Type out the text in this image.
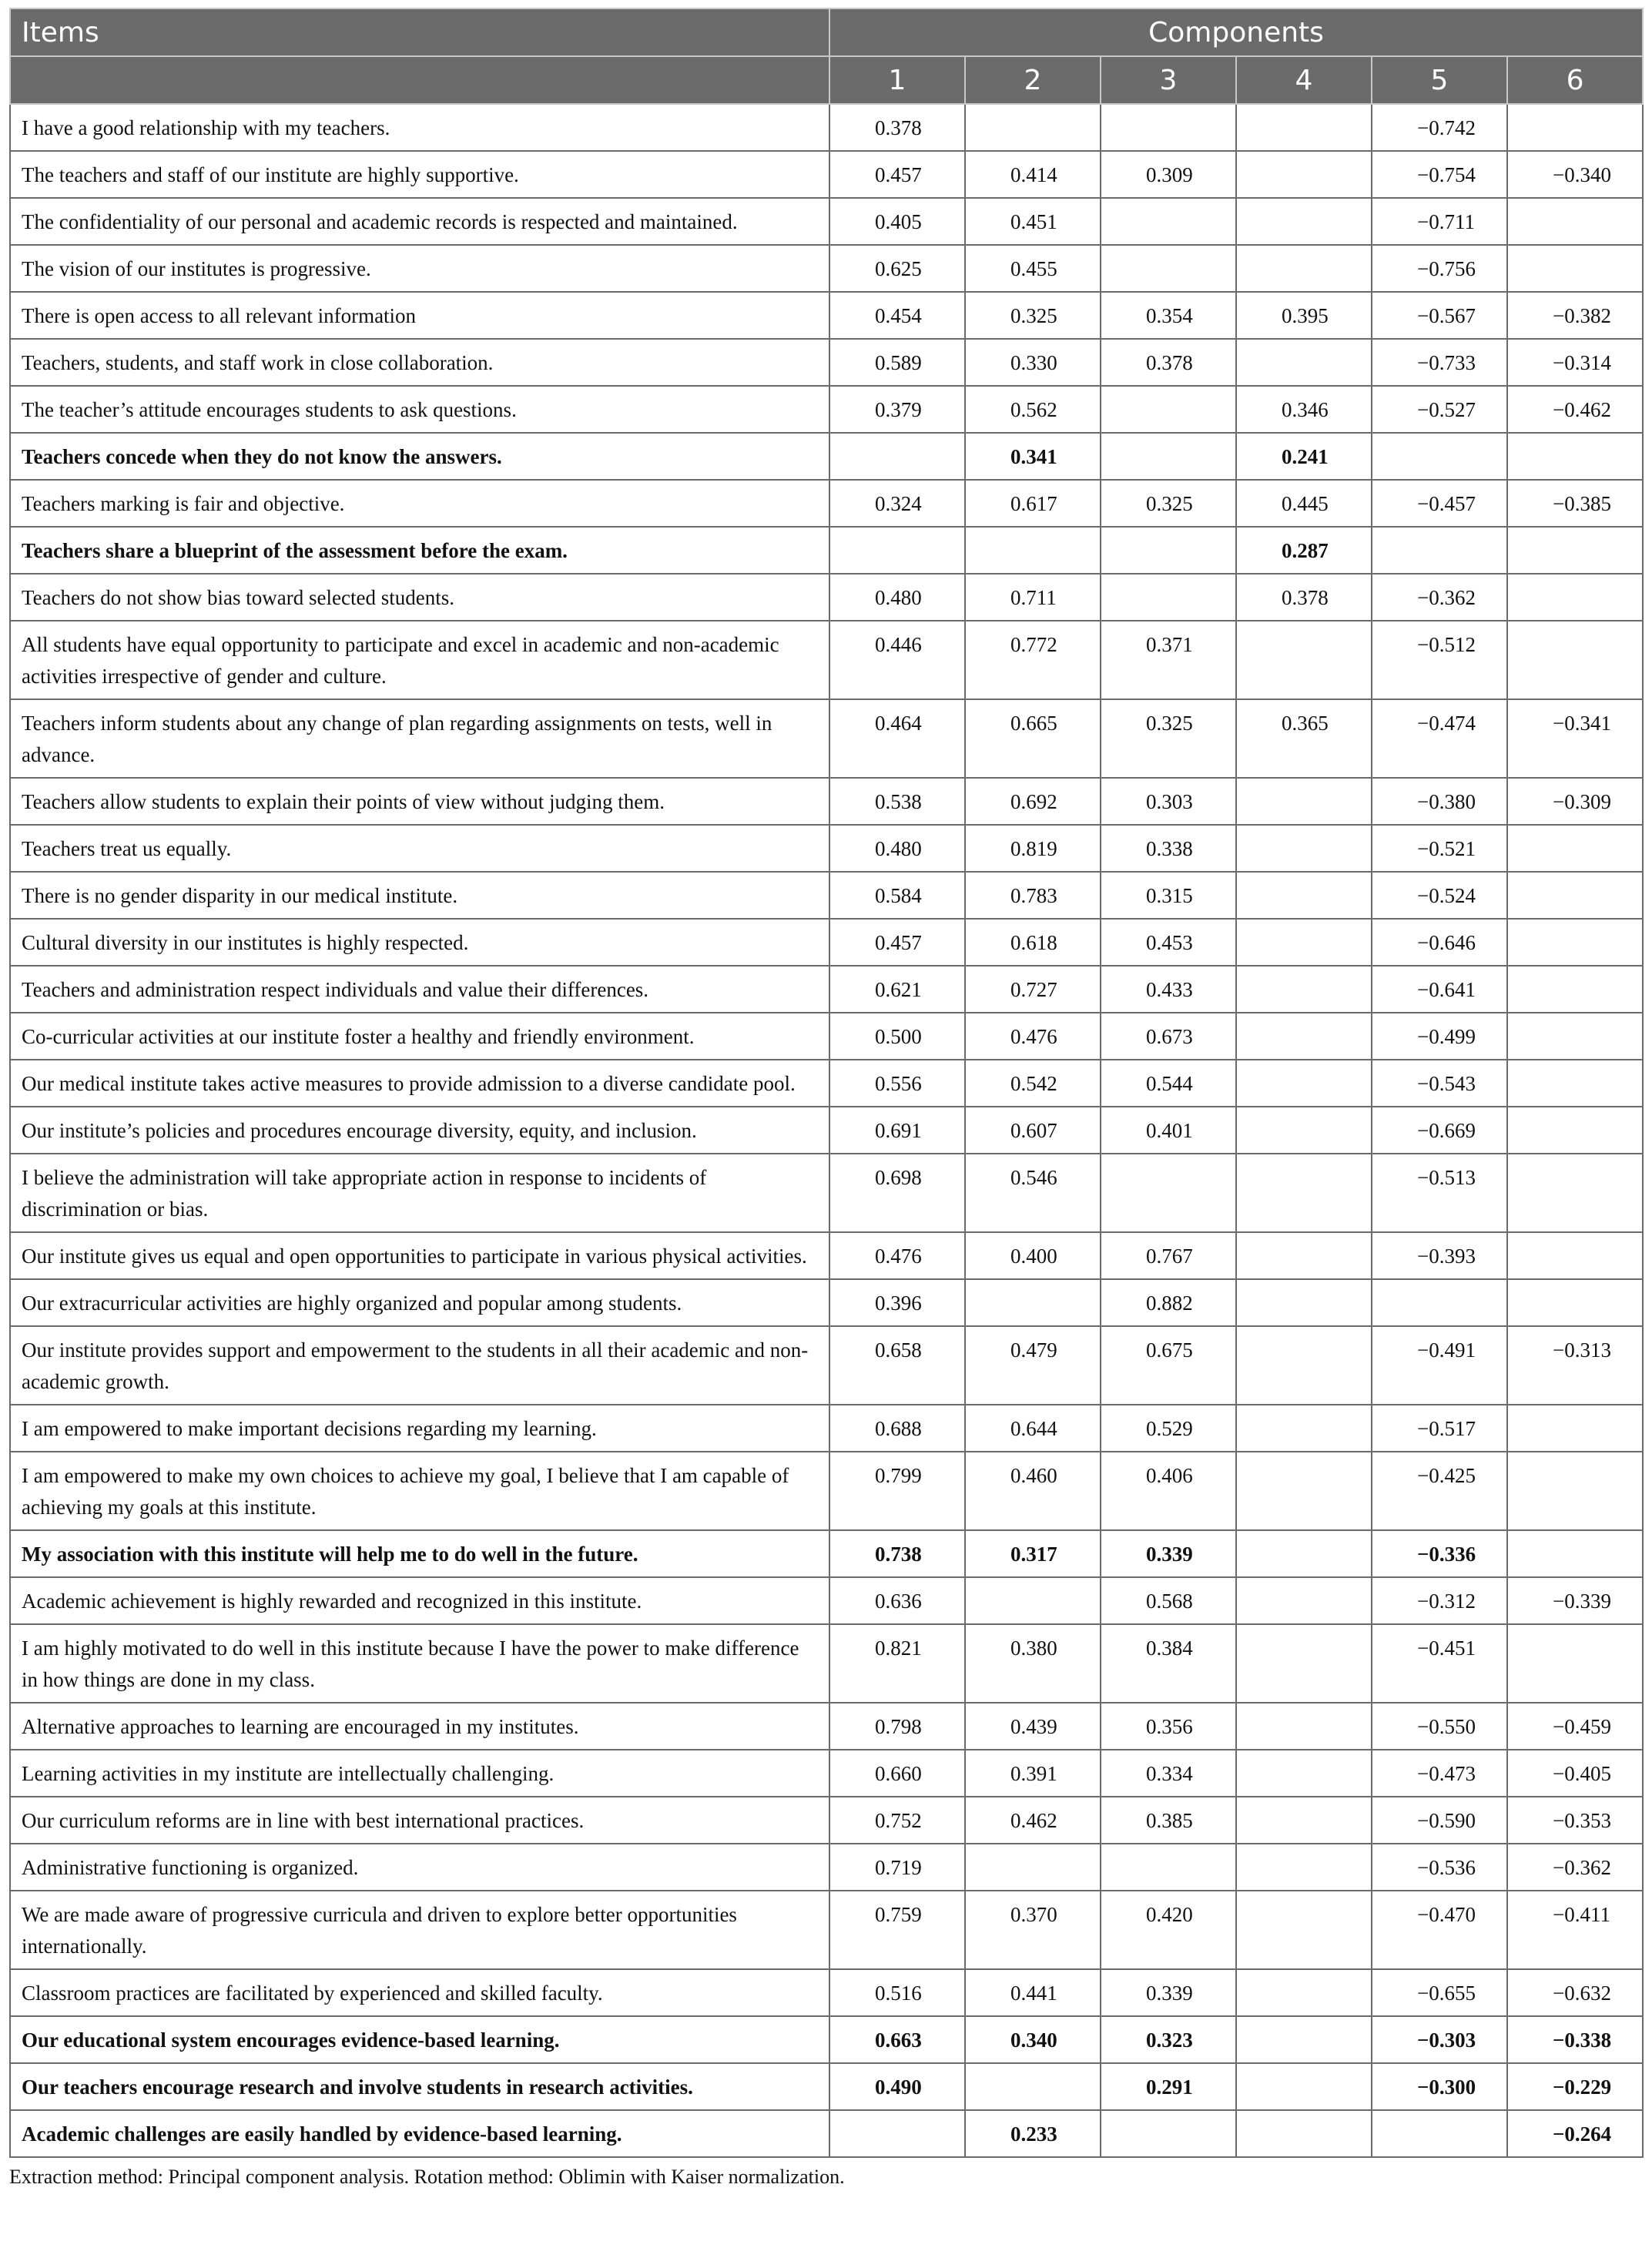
Items	Components					
	1	2	3	4	5	6
I have a good relationship with my teachers.	0.378				−0.742	
The teachers and staff of our institute are highly supportive.	0.457	0.414	0.309		−0.754	−0.340
The confidentiality of our personal and academic records is respected and maintained.	0.405	0.451			−0.711	
The vision of our institutes is progressive.	0.625	0.455			−0.756	
There is open access to all relevant information	0.454	0.325	0.354	0.395	−0.567	−0.382
Teachers, students, and staff work in close collaboration.	0.589	0.330	0.378		−0.733	−0.314
The teacher’s attitude encourages students to ask questions.	0.379	0.562		0.346	−0.527	−0.462
Teachers concede when they do not know the answers.		0.341		0.241		
Teachers marking is fair and objective.	0.324	0.617	0.325	0.445	−0.457	−0.385
Teachers share a blueprint of the assessment before the exam.				0.287		
Teachers do not show bias toward selected students.	0.480	0.711		0.378	−0.362	
All students have equal opportunity to participate and excel in academic and non-academic activities irrespective of gender and culture.	0.446	0.772	0.371		−0.512	
Teachers inform students about any change of plan regarding assignments on tests, well in advance.	0.464	0.665	0.325	0.365	−0.474	−0.341
Teachers allow students to explain their points of view without judging them.	0.538	0.692	0.303		−0.380	−0.309
Teachers treat us equally.	0.480	0.819	0.338		−0.521	
There is no gender disparity in our medical institute.	0.584	0.783	0.315		−0.524	
Cultural diversity in our institutes is highly respected.	0.457	0.618	0.453		−0.646	
Teachers and administration respect individuals and value their differences.	0.621	0.727	0.433		−0.641	
Co-curricular activities at our institute foster a healthy and friendly environment.	0.500	0.476	0.673		−0.499	
Our medical institute takes active measures to provide admission to a diverse candidate pool.	0.556	0.542	0.544		−0.543	
Our institute’s policies and procedures encourage diversity, equity, and inclusion.	0.691	0.607	0.401		−0.669	
I believe the administration will take appropriate action in response to incidents of discrimination or bias.	0.698	0.546			−0.513	
Our institute gives us equal and open opportunities to participate in various physical activities.	0.476	0.400	0.767		−0.393	
Our extracurricular activities are highly organized and popular among students.	0.396		0.882			
Our institute provides support and empowerment to the students in all their academic and non-academic growth.	0.658	0.479	0.675		−0.491	−0.313
I am empowered to make important decisions regarding my learning.	0.688	0.644	0.529		−0.517	
I am empowered to make my own choices to achieve my goal, I believe that I am capable of achieving my goals at this institute.	0.799	0.460	0.406		−0.425	
My association with this institute will help me to do well in the future.	0.738	0.317	0.339		−0.336	
Academic achievement is highly rewarded and recognized in this institute.	0.636		0.568		−0.312	−0.339
I am highly motivated to do well in this institute because I have the power to make difference in how things are done in my class.	0.821	0.380	0.384		−0.451	
Alternative approaches to learning are encouraged in my institutes.	0.798	0.439	0.356		−0.550	−0.459
Learning activities in my institute are intellectually challenging.	0.660	0.391	0.334		−0.473	−0.405
Our curriculum reforms are in line with best international practices.	0.752	0.462	0.385		−0.590	−0.353
Administrative functioning is organized.	0.719				−0.536	−0.362
We are made aware of progressive curricula and driven to explore better opportunities internationally.	0.759	0.370	0.420		−0.470	−0.411
Classroom practices are facilitated by experienced and skilled faculty.	0.516	0.441	0.339		−0.655	−0.632
Our educational system encourages evidence-based learning.	0.663	0.340	0.323		−0.303	−0.338
Our teachers encourage research and involve students in research activities.	0.490		0.291		−0.300	−0.229
Academic challenges are easily handled by evidence-based learning.		0.233				−0.264
Extraction method: Principal component analysis. Rotation method: Oblimin with Kaiser normalization.
